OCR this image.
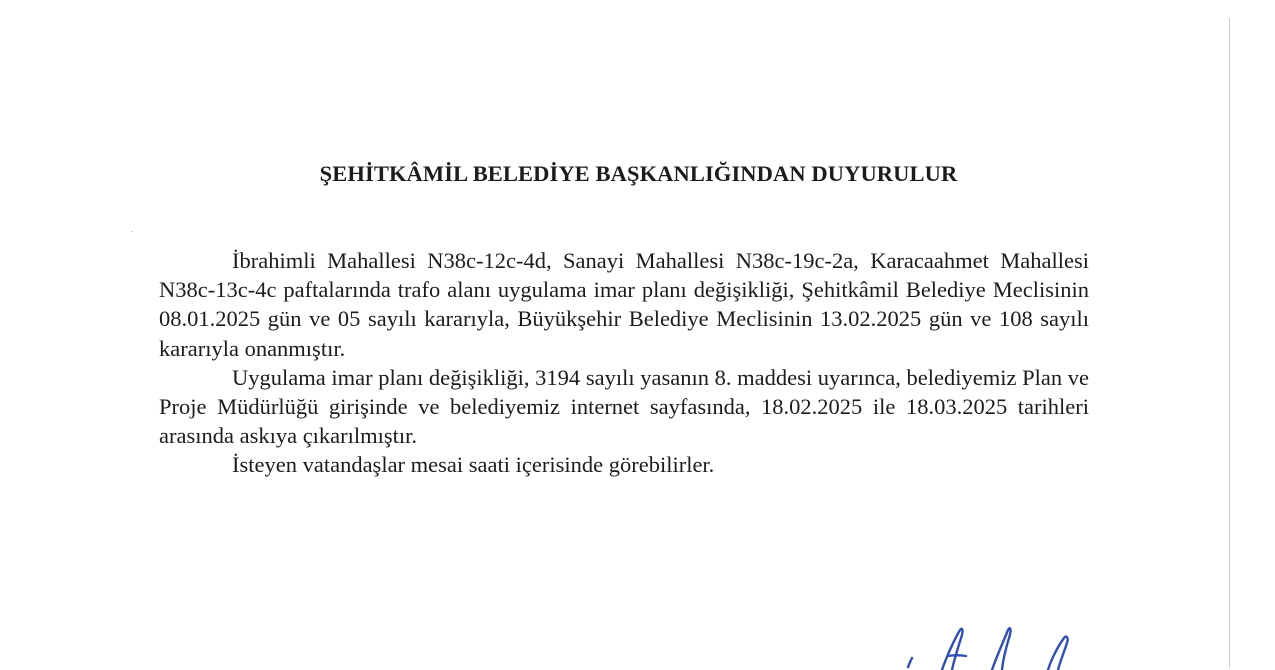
ŞEHİTKÂMİL BELEDİYE BAŞKANLIĞINDAN DUYURULUR

İbrahimli Mahallesi N38c-12c-4d, Sanayi Mahallesi N38c-19c-2a, Karacaahmet Mahallesi N38c-13c-4c paftalarında trafo alanı uygulama imar planı değişikliği, Şehitkâmil Belediye Meclisinin 08.01.2025 gün ve 05 sayılı kararıyla, Büyükşehir Belediye Meclisinin 13.02.2025 gün ve 108 sayılı kararıyla onanmıştır.

Uygulama imar planı değişikliği, 3194 sayılı yasanın 8. maddesi uyarınca, belediyemiz Plan ve Proje Müdürlüğü girişinde ve belediyemiz internet sayfasında, 18.02.2025 ile 18.03.2025 tarihleri arasında askıya çıkarılmıştır.

İsteyen vatandaşlar mesai saati içerisinde görebilirler.
